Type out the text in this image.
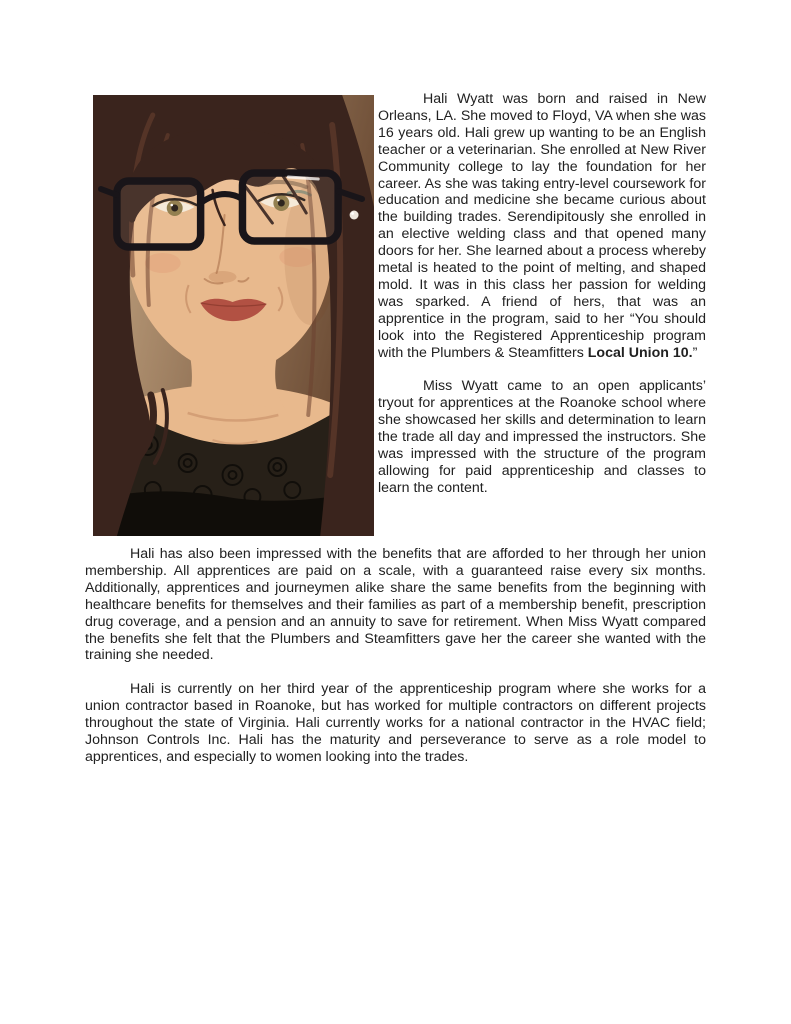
Hali Wyatt was born and raised in New Orleans, LA. She moved to Floyd, VA when she was 16 years old. Hali grew up wanting to be an English teacher or a veterinarian. She enrolled at New River Community college to lay the foundation for her career. As she was taking entry-level coursework for education and medicine she became curious about the building trades. Serendipitously she enrolled in an elective welding class and that opened many doors for her. She learned about a process whereby metal is heated to the point of melting, and shaped mold. It was in this class her passion for welding was sparked. A friend of hers, that was an apprentice in the program, said to her “You should look into the Registered Apprenticeship program with the Plumbers & Steamfitters Local Union 10.”

Miss Wyatt came to an open applicants’ tryout for apprentices at the Roanoke school where she showcased her skills and determination to learn the trade all day and impressed the instructors. She was impressed with the structure of the program allowing for paid apprenticeship and classes to learn the content.

Hali has also been impressed with the benefits that are afforded to her through her union membership. All apprentices are paid on a scale, with a guaranteed raise every six months. Additionally, apprentices and journeymen alike share the same benefits from the beginning with healthcare benefits for themselves and their families as part of a membership benefit, prescription drug coverage, and a pension and an annuity to save for retirement. When Miss Wyatt compared the benefits she felt that the Plumbers and Steamfitters gave her the career she wanted with the training she needed.

Hali is currently on her third year of the apprenticeship program where she works for a union contractor based in Roanoke, but has worked for multiple contractors on different projects throughout the state of Virginia. Hali currently works for a national contractor in the HVAC field; Johnson Controls Inc. Hali has the maturity and perseverance to serve as a role model to apprentices, and especially to women looking into the trades.
